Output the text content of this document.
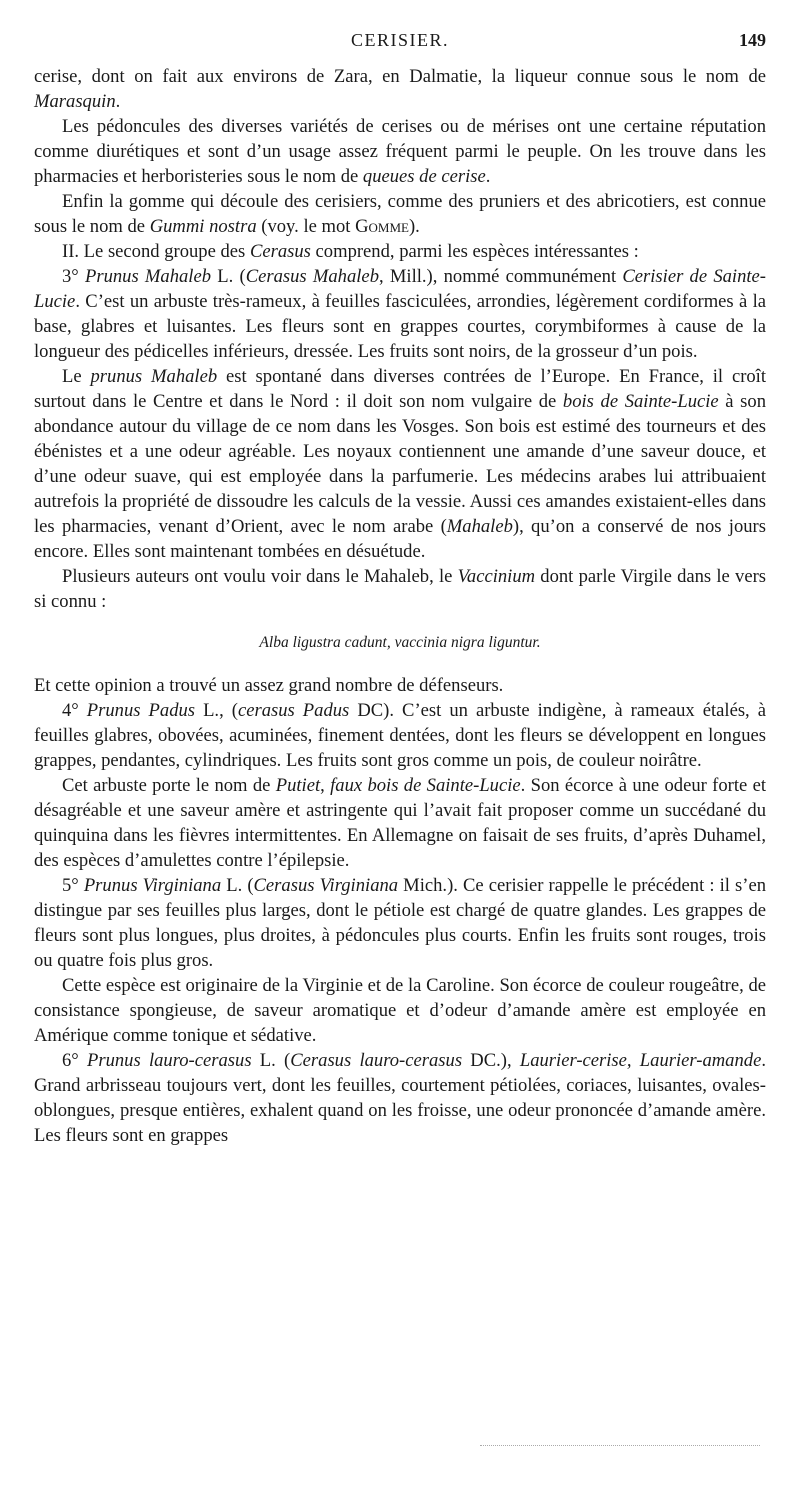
CERISIER.	149

cerise, dont on fait aux environs de Zara, en Dalmatie, la liqueur connue sous le nom de Marasquin.

Les pédoncules des diverses variétés de cerises ou de mérises ont une certaine réputation comme diurétiques et sont d’un usage assez fréquent parmi le peuple. On les trouve dans les pharmacies et herboristeries sous le nom de queues de cerise.

Enfin la gomme qui découle des cerisiers, comme des pruniers et des abricotiers, est connue sous le nom de Gummi nostra (voy. le mot Gomme).

II. Le second groupe des Cerasus comprend, parmi les espèces intéressantes :

3° Prunus Mahaleb L. (Cerasus Mahaleb, Mill.), nommé communément Cerisier de Sainte-Lucie. C’est un arbuste très-rameux, à feuilles fasciculées, arrondies, légèrement cordiformes à la base, glabres et luisantes. Les fleurs sont en grappes courtes, corymbiformes à cause de la longueur des pédicelles inférieurs, dressée. Les fruits sont noirs, de la grosseur d’un pois.

Le prunus Mahaleb est spontané dans diverses contrées de l’Europe. En France, il croît surtout dans le Centre et dans le Nord : il doit son nom vulgaire de bois de Sainte-Lucie à son abondance autour du village de ce nom dans les Vosges. Son bois est estimé des tourneurs et des ébénistes et a une odeur agréable. Les noyaux contiennent une amande d’une saveur douce, et d’une odeur suave, qui est employée dans la parfumerie. Les médecins arabes lui attribuaient autrefois la propriété de dissoudre les calculs de la vessie. Aussi ces amandes existaient-elles dans les pharmacies, venant d’Orient, avec le nom arabe (Mahaleb), qu’on a conservé de nos jours encore. Elles sont maintenant tombées en désuétude.

Plusieurs auteurs ont voulu voir dans le Mahaleb, le Vaccinium dont parle Virgile dans le vers si connu :

Alba ligustra cadunt, vaccinia nigra liguntur.

Et cette opinion a trouvé un assez grand nombre de défenseurs.

4° Prunus Padus L., (cerasus Padus DC). C’est un arbuste indigène, à rameaux étalés, à feuilles glabres, obovées, acuminées, finement dentées, dont les fleurs se développent en longues grappes, pendantes, cylindriques. Les fruits sont gros comme un pois, de couleur noirâtre.

Cet arbuste porte le nom de Putiet, faux bois de Sainte-Lucie. Son écorce à une odeur forte et désagréable et une saveur amère et astringente qui l’avait fait proposer comme un succédané du quinquina dans les fièvres intermittentes. En Allemagne on faisait de ses fruits, d’après Duhamel, des espèces d’amulettes contre l’épilepsie.

5° Prunus Virginiana L. (Cerasus Virginiana Mich.). Ce cerisier rappelle le précédent : il s’en distingue par ses feuilles plus larges, dont le pétiole est chargé de quatre glandes. Les grappes de fleurs sont plus longues, plus droites, à pédoncules plus courts. Enfin les fruits sont rouges, trois ou quatre fois plus gros.

Cette espèce est originaire de la Virginie et de la Caroline. Son écorce de couleur rougeâtre, de consistance spongieuse, de saveur aromatique et d’odeur d’amande amère est employée en Amérique comme tonique et sédative.

6° Prunus lauro-cerasus L. (Cerasus lauro-cerasus DC.), Laurier-cerise, Laurier-amande. Grand arbrisseau toujours vert, dont les feuilles, courtement pétiolées, coriaces, luisantes, ovales-oblongues, presque entières, exhalent quand on les froisse, une odeur prononcée d’amande amère. Les fleurs sont en grappes
